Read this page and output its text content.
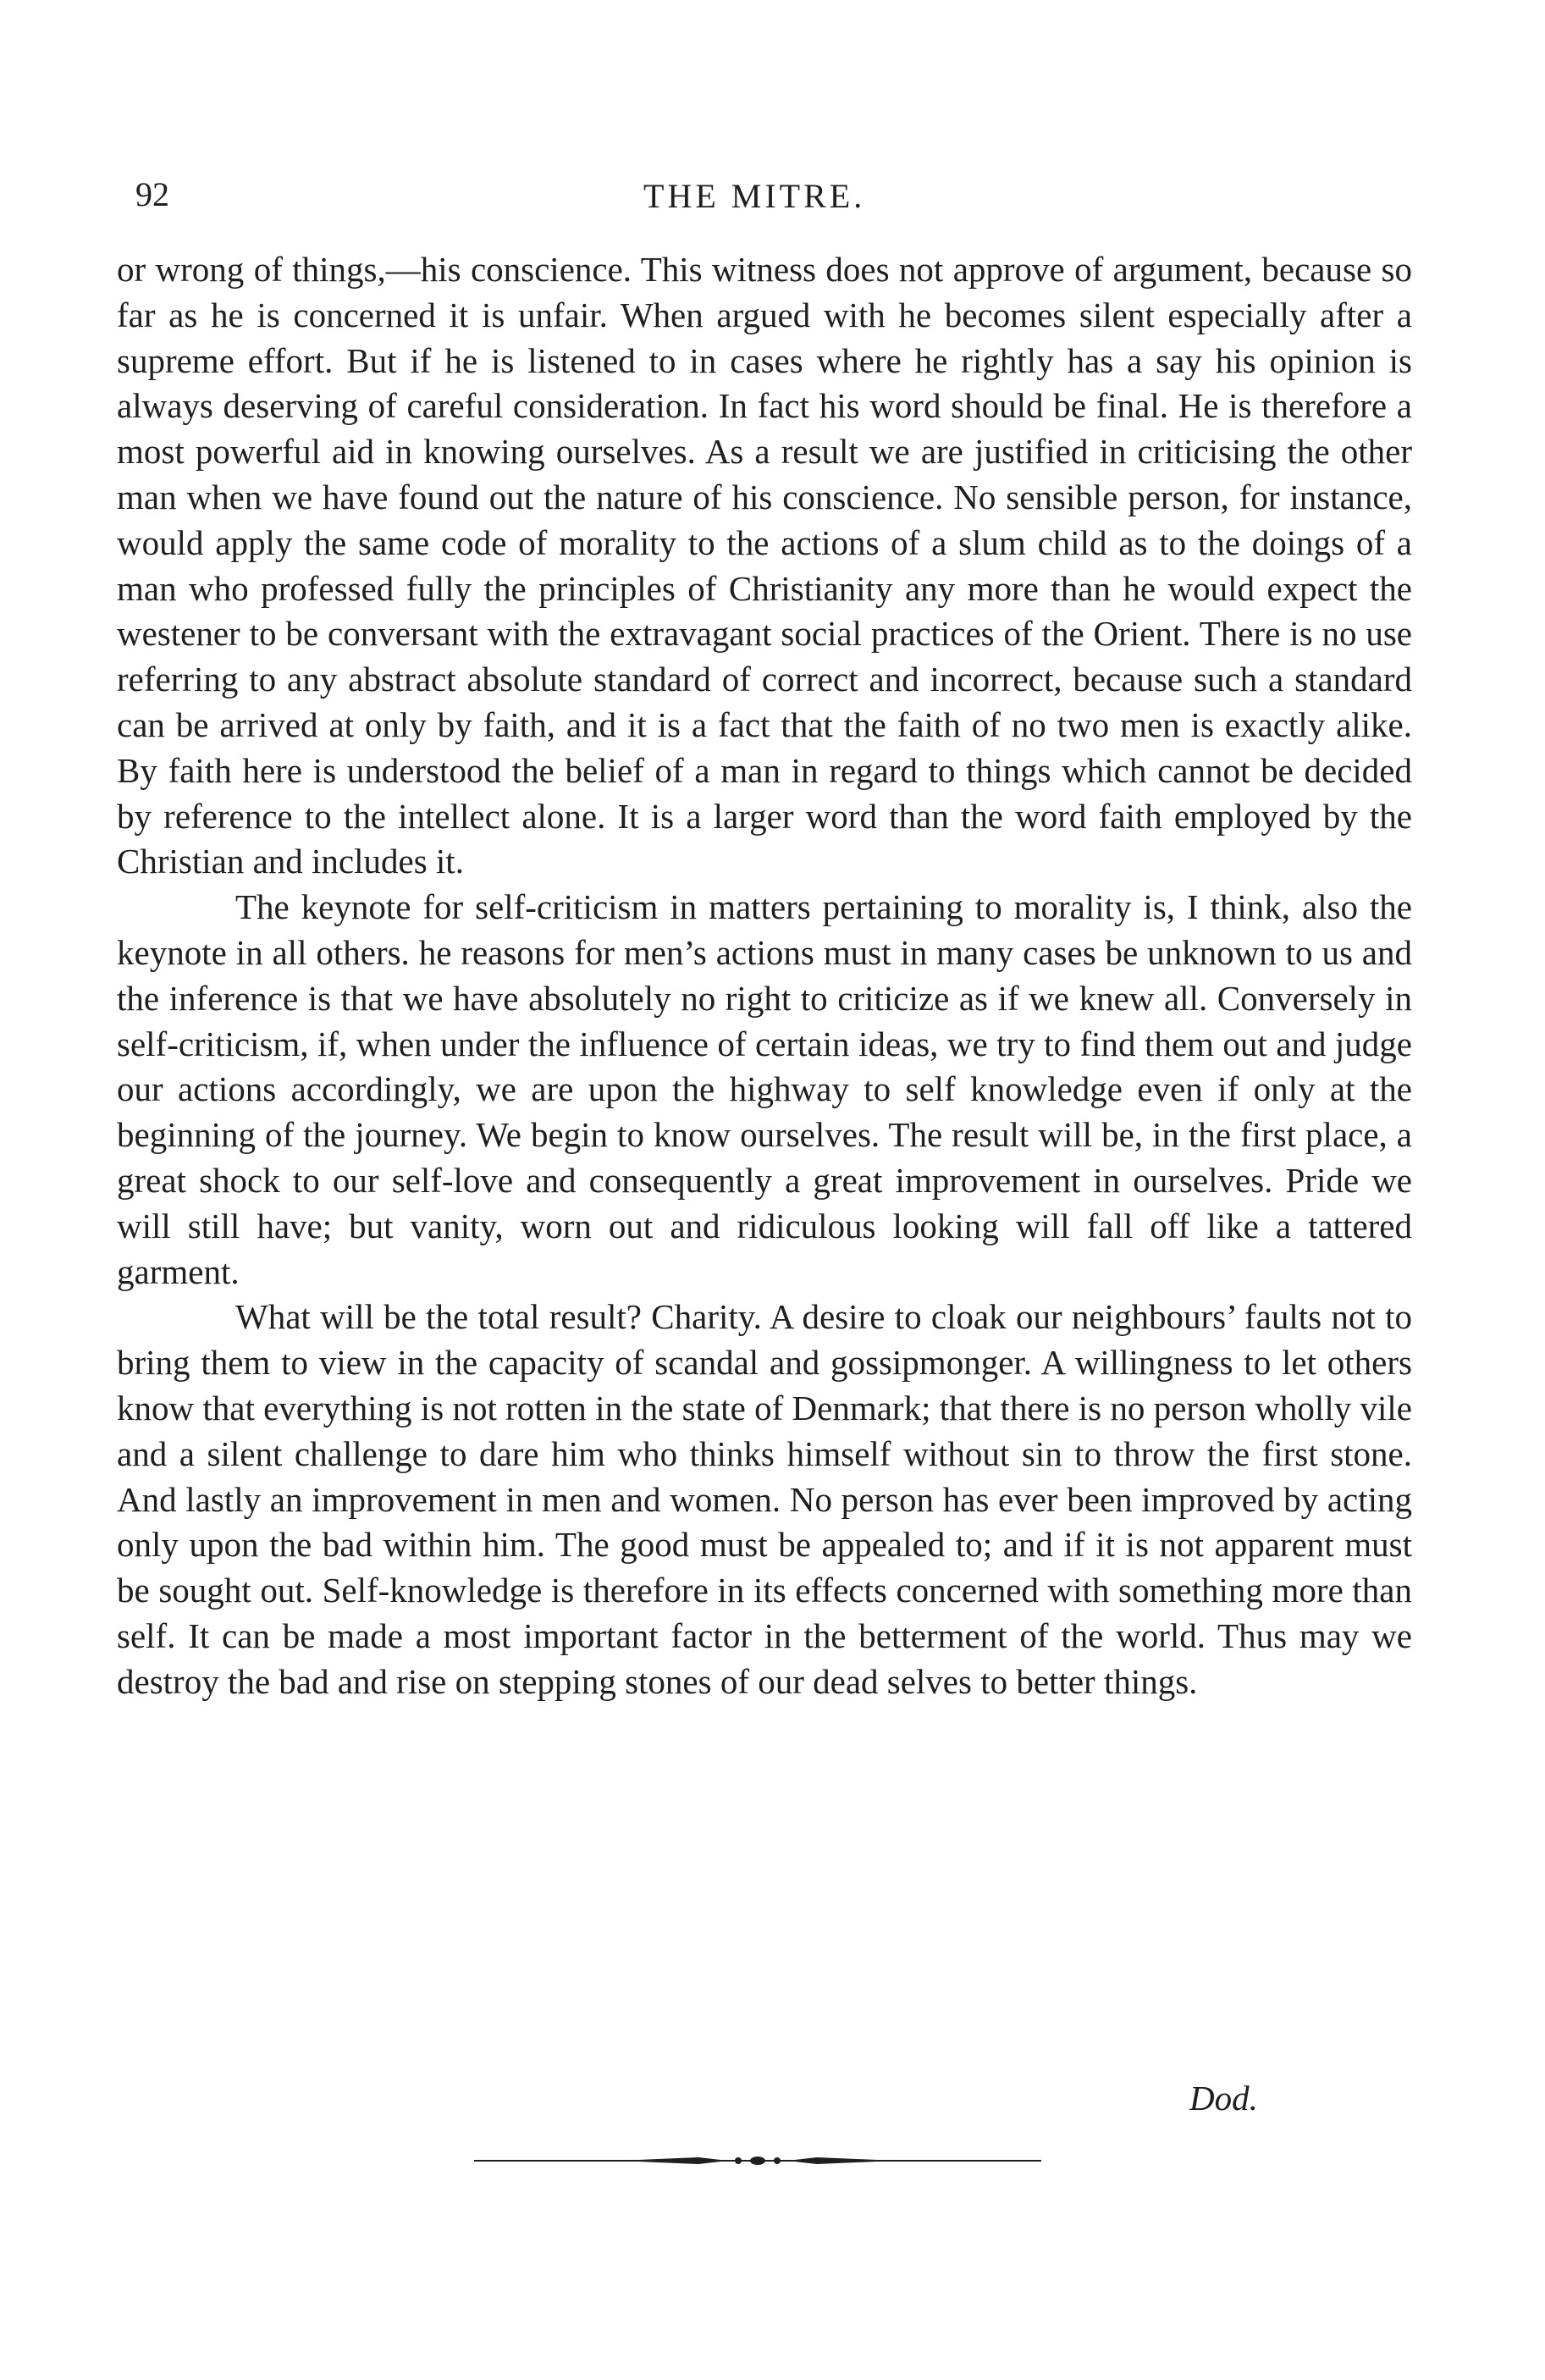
92	THE MITRE.

or wrong of things,—his conscience. This witness does not approve of argument, because so far as he is concerned it is unfair. When argued with he becomes silent especially after a supreme effort. But if he is listened to in cases where he rightly has a say his opinion is always deserving of careful consideration. In fact his word should be final. He is therefore a most powerful aid in knowing ourselves. As a result we are justified in criticising the other man when we have found out the nature of his conscience. No sensible person, for instance, would apply the same code of morality to the actions of a slum child as to the doings of a man who professed fully the principles of Christianity any more than he would expect the westener to be conversant with the extravagant social practices of the Orient. There is no use referring to any abstract absolute standard of correct and incorrect, because such a standard can be arrived at only by faith, and it is a fact that the faith of no two men is exactly alike. By faith here is understood the belief of a man in regard to things which cannot be decided by reference to the intellect alone. It is a larger word than the word faith employed by the Christian and includes it.

The keynote for self-criticism in matters pertaining to morality is, I think, also the keynote in all others. he reasons for men’s actions must in many cases be unknown to us and the inference is that we have absolutely no right to criticize as if we knew all. Conversely in self-criticism, if, when under the influence of certain ideas, we try to find them out and judge our actions accordingly, we are upon the highway to self knowledge even if only at the beginning of the journey. We begin to know ourselves. The result will be, in the first place, a great shock to our self-love and consequently a great improvement in ourselves. Pride we will still have; but vanity, worn out and ridiculous looking will fall off like a tattered garment.

What will be the total result? Charity. A desire to cloak our neighbours’ faults not to bring them to view in the capacity of scandal and gossipmonger. A willingness to let others know that everything is not rotten in the state of Denmark; that there is no person wholly vile and a silent challenge to dare him who thinks himself without sin to throw the first stone. And lastly an improvement in men and women. No person has ever been improved by acting only upon the bad within him. The good must be appealed to; and if it is not apparent must be sought out. Self-knowledge is therefore in its effects concerned with something more than self. It can be made a most important factor in the betterment of the world. Thus may we destroy the bad and rise on stepping stones of our dead selves to better things.

Dod.
